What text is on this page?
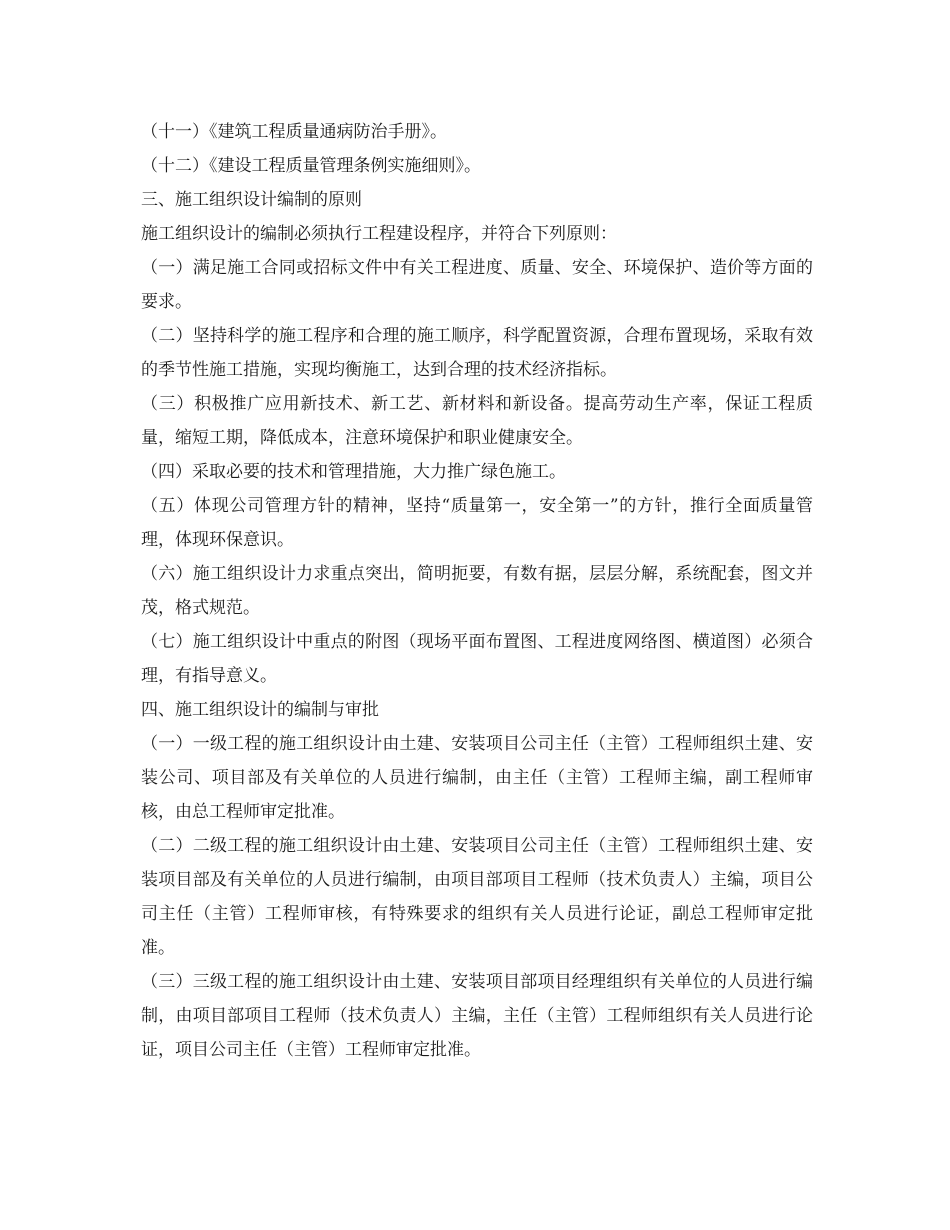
（十一）《建筑工程质量通病防治手册》。

（十二）《建设工程质量管理条例实施细则》。

三、施工组织设计编制的原则

施工组织设计的编制必须执行工程建设程序，并符合下列原则：

（一）满足施工合同或招标文件中有关工程进度、质量、安全、环境保护、造价等方面的要求。

（二）坚持科学的施工程序和合理的施工顺序，科学配置资源，合理布置现场，采取有效的季节性施工措施，实现均衡施工，达到合理的技术经济指标。

（三）积极推广应用新技术、新工艺、新材料和新设备。提高劳动生产率，保证工程质量，缩短工期，降低成本，注意环境保护和职业健康安全。

（四）采取必要的技术和管理措施，大力推广绿色施工。

（五）体现公司管理方针的精神，坚持“质量第一，安全第一”的方针，推行全面质量管理，体现环保意识。

（六）施工组织设计力求重点突出，简明扼要，有数有据，层层分解，系统配套，图文并茂，格式规范。

（七）施工组织设计中重点的附图（现场平面布置图、工程进度网络图、横道图）必须合理，有指导意义。

四、施工组织设计的编制与审批

（一）一级工程的施工组织设计由土建、安装项目公司主任（主管）工程师组织土建、安装公司、项目部及有关单位的人员进行编制，由主任（主管）工程师主编，副工程师审核，由总工程师审定批准。

（二）二级工程的施工组织设计由土建、安装项目公司主任（主管）工程师组织土建、安装项目部及有关单位的人员进行编制，由项目部项目工程师（技术负责人）主编，项目公司主任（主管）工程师审核，有特殊要求的组织有关人员进行论证，副总工程师审定批准。

（三）三级工程的施工组织设计由土建、安装项目部项目经理组织有关单位的人员进行编制，由项目部项目工程师（技术负责人）主编，主任（主管）工程师组织有关人员进行论证，项目公司主任（主管）工程师审定批准。
